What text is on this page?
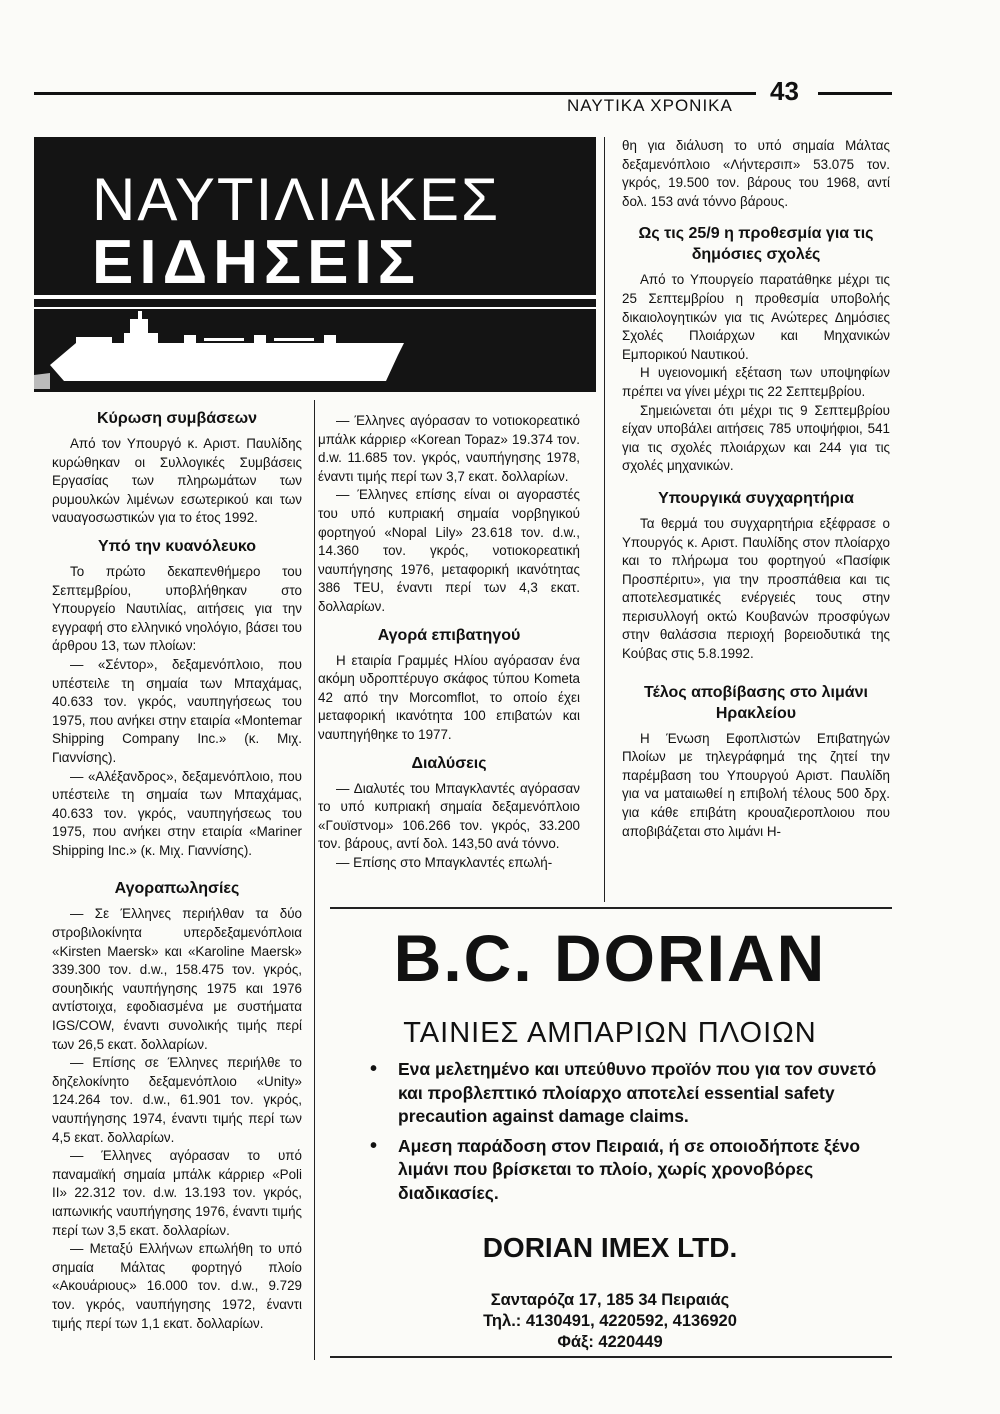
43
ΝΑΥΤΙΚΑ ΧΡΟΝΙΚΑ
ΝΑΥΤΙΛΙΑΚΕΣ
ΕΙΔΗΣΕΙΣ

Κύρωση συμβάσεων

Από τον Υπουργό κ. Αριστ. Παυλίδης κυρώθηκαν οι Συλλογικές Συμβάσεις Εργασίας των πληρωμάτων των ρυμουλκών λιμένων εσωτερικού και των ναυαγοσωστικών για το έτος 1992.

Υπό την κυανόλευκο

Το πρώτο δεκαπενθήμερο του Σεπτεμβρίου, υποβλήθηκαν στο Υπουργείο Ναυτιλίας, αιτήσεις για την εγγραφή στο ελληνικό νηολόγιο, βάσει του άρθρου 13, των πλοίων:

— «Σέντορ», δεξαμενόπλοιο, που υπέστειλε τη σημαία των Μπαχάμας, 40.633 τον. γκρός, ναυπηγήσεως του 1975, που ανήκει στην εταιρία «Montemar Shipping Company Inc.» (κ. Μιχ. Γιαννίσης).

— «Αλέξανδρος», δεξαμενόπλοιο, που υπέστειλε τη σημαία των Μπαχάμας, 40.633 τον. γκρός, ναυπηγήσεως του 1975, που ανήκει στην εταιρία «Mariner Shipping Inc.» (κ. Μιχ. Γιαννίσης).

Αγοραπωλησίες

— Σε Έλληνες περιήλθαν τα δύο στροβιλοκίνητα υπερδεξαμενόπλοια «Kirsten Maersk» και «Karoline Maersk» 339.300 τον. d.w., 158.475 τον. γκρός, σουηδικής ναυπήγησης 1975 και 1976 αντίστοιχα, εφοδιασμένα με συστήματα IGS/COW, έναντι συνολικής τιμής περί των 26,5 εκατ. δολλαρίων.

— Επίσης σε Έλληνες περιήλθε το δηζελοκίνητο δεξαμενόπλοιο «Unity» 124.264 τον. d.w., 61.901 τον. γκρός, ναυπήγησης 1974, έναντι τιμής περί των 4,5 εκατ. δολλαρίων.

— Έλληνες αγόρασαν το υπό παναμαϊκή σημαία μπάλκ κάρριερ «Poli II» 22.312 τον. d.w. 13.193 τον. γκρός, ιαπωνικής ναυπήγησης 1976, έναντι τιμής περί των 3,5 εκατ. δολλαρίων.

— Μεταξύ Ελλήνων επωλήθη το υπό σημαία Μάλτας φορτηγό πλοίο «Ακουάριους» 16.000 τον. d.w., 9.729 τον. γκρός, ναυπήγησης 1972, έναντι τιμής περί των 1,1 εκατ. δολλαρίων.

— Έλληνες αγόρασαν το νοτιοκορεατικό μπάλκ κάρριερ «Korean Topaz» 19.374 τον. d.w. 11.685 τον. γκρός, ναυπήγησης 1978, έναντι τιμής περί των 3,7 εκατ. δολλαρίων.

— Έλληνες επίσης είναι οι αγοραστές του υπό κυπριακή σημαία νορβηγικού φορτηγού «Nopal Lily» 23.618 τον. d.w., 14.360 τον. γκρός, νοτιοκορεατική ναυπήγησης 1976, μεταφορική ικανότητας 386 TEU, έναντι περί των 4,3 εκατ. δολλαρίων.

Αγορά επιβατηγού

Η εταιρία Γραμμές Ηλίου αγόρασαν ένα ακόμη υδροπτέρυγο σκάφος τύπου Kometa 42 από την Morcomflot, το οποίο έχει μεταφορική ικανότητα 100 επιβατών και ναυπηγήθηκε το 1977.

Διαλύσεις

— Διαλυτές του Μπαγκλαντές αγόρασαν το υπό κυπριακή σημαία δεξαμενόπλοιο «Γουϊστνομ» 106.266 τον. γκρός, 33.200 τον. βάρους, αντί δολ. 143,50 ανά τόννο.

— Επίσης στο Μπαγκλαντές επωλή-

θη για διάλυση το υπό σημαία Μάλτας δεξαμενόπλοιο «Λήντερσιπ» 53.075 τον. γκρός, 19.500 τον. βάρους του 1968, αντί δολ. 153 ανά τόννο βάρους.

Ως τις 25/9 η προθεσμία για τις δημόσιες σχολές

Από το Υπουργείο παρατάθηκε μέχρι τις 25 Σεπτεμβρίου η προθεσμία υποβολής δικαιολογητικών για τις Ανώτερες Δημόσιες Σχολές Πλοιάρχων και Μηχανικών Εμπορικού Ναυτικού.

Η υγειονομική εξέταση των υποψηφίων πρέπει να γίνει μέχρι τις 22 Σεπτεμβρίου.

Σημειώνεται ότι μέχρι τις 9 Σεπτεμβρίου είχαν υποβάλει αιτήσεις 785 υποψήφιοι, 541 για τις σχολές πλοιάρχων και 244 για τις σχολές μηχανικών.

Υπουργικά συγχαρητήρια

Τα θερμά του συγχαρητήρια εξέφρασε ο Υπουργός κ. Αριστ. Παυλίδης στον πλοίαρχο και το πλήρωμα του φορτηγού «Πασίφικ Προσπέριτυ», για την προσπάθεια και τις αποτελεσματικές ενέργειές τους στην περισυλλογή οκτώ Κουβανών προσφύγων στην θαλάσσια περιοχή βορειοδυτικά της Κούβας στις 5.8.1992.

Τέλος αποβίβασης στο λιμάνι Ηρακλείου

Η Ένωση Εφοπλιστών Επιβατηγών Πλοίων με τηλεγράφημά της ζητεί την παρέμβαση του Υπουργού Αριστ. Παυλίδη για να ματαιωθεί η επιβολή τέλους 500 δρχ. για κάθε επιβάτη κρουαζιεροπλοιου που αποβιβάζεται στο λιμάνι Η-

B.C. DORIAN
ΤΑΙΝΙΕΣ ΑΜΠΑΡΙΩΝ ΠΛΟΙΩΝ
• Ενα μελετημένο και υπεύθυνο προϊόν που για τον συνετό και προβλεπτικό πλοίαρχο αποτελεί essential safety precaution against damage claims.
• Αμεση παράδοση στον Πειραιά, ή σε οποιοδήποτε ξένο λιμάνι που βρίσκεται το πλοίο, χωρίς χρονοβόρες διαδικασίες.
DORIAN IMEX LTD.
Σανταρόζα 17, 185 34 Πειραιάς
Τηλ.: 4130491, 4220592, 4136920
Φάξ: 4220449
